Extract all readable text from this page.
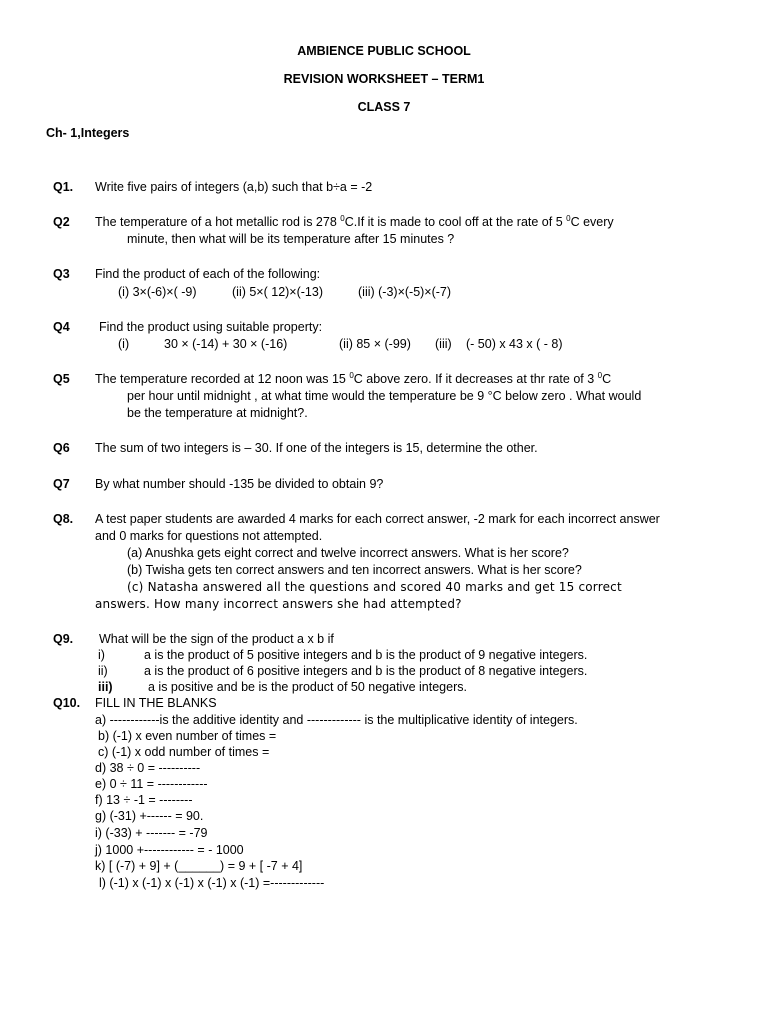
AMBIENCE PUBLIC SCHOOL
REVISION WORKSHEET – TERM1
CLASS 7
Ch- 1,Integers
Q1. Write five pairs of integers (a,b) such that b÷a = -2
Q2 The temperature of a hot metallic rod is 278 $^0$C.If it is made to cool off at the rate of 5 $^0$C every
minute, then what will be its temperature after 15 minutes ?
Q3 Find the product of each of the following:
(i) 3×(-6)×( -9)	(ii) 5×( 12)×(-13)	(iii) (-3)×(-5)×(-7)
Q4 Find the product using suitable property:
(i)	30 × (-14) + 30 × (-16)	(ii) 85 × (-99) (iii) (- 50) x 43 x ( - 8)
Q5 The temperature recorded at 12 noon was 15 $^0$C above zero. If it decreases at thr rate of 3 $^0$C
per hour until midnight , at what time would the temperature be 9 °C below zero . What would
be the temperature at midnight?.
Q6 The sum of two integers is – 30. If one of the integers is 15, determine the other.
Q7 By what number should -135 be divided to obtain 9?
Q8. A test paper students are awarded 4 marks for each correct answer, -2 mark for each incorrect answer
and 0 marks for questions not attempted.
(a) Anushka gets eight correct and twelve incorrect answers. What is her score?
(b) Twisha gets ten correct answers and ten incorrect answers. What is her score?
(c) Natasha answered all the questions and scored 40 marks and get 15 correct
answers. How many incorrect answers she had attempted?
Q9. What will be the sign of the product a x b if
i)	a is the product of 5 positive integers and b is the product of 9 negative integers.
ii)	a is the product of 6 positive integers and b is the product of 8 negative integers.
iii)	a is positive and be is the product of 50 negative integers.
Q10. FILL IN THE BLANKS
a) ------------is the additive identity and ------------- is the multiplicative identity of integers.
b) (-1) x even number of times =
c) (-1) x odd number of times =
d) 38 ÷ 0 = ----------
e) 0 ÷ 11 = ------------
f) 13 ÷ -1 = --------
g) (-31) +------ = 90.
i) (-33) + ------- = -79
j) 1000 +------------ = - 1000
k) [ (-7) + 9] + (______) = 9 + [ -7 + 4]
l) (-1) x (-1) x (-1) x (-1) x (-1) =-------------
